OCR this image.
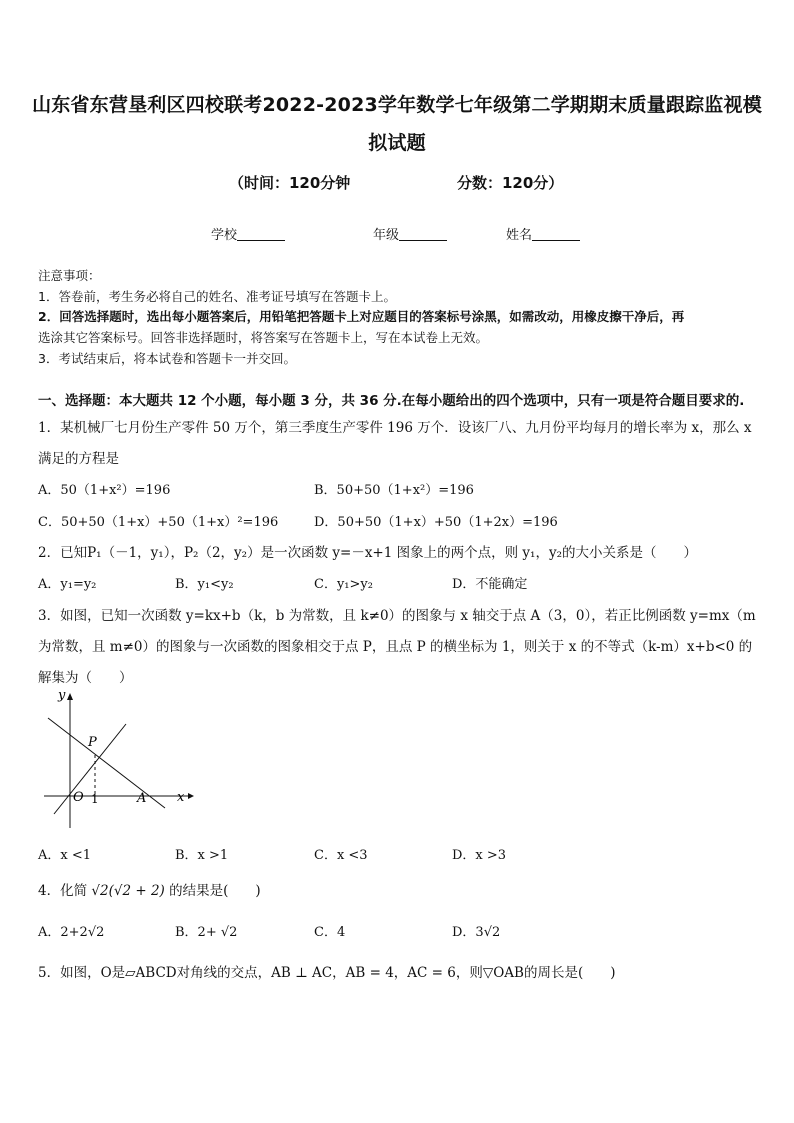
山东省东营垦利区四校联考2022-2023学年数学七年级第二学期期末质量跟踪监视模
拟试题
（时间：120分钟	分数：120分）
学校	年级	姓名
注意事项：
1．答卷前，考生务必将自己的姓名、准考证号填写在答题卡上。
2．回答选择题时，选出每小题答案后，用铅笔把答题卡上对应题目的答案标号涂黑，如需改动，用橡皮擦干净后，再
选涂其它答案标号。回答非选择题时，将答案写在答题卡上，写在本试卷上无效。
3．考试结束后，将本试卷和答题卡一并交回。
一、选择题：本大题共 12 个小题，每小题 3 分，共 36 分.在每小题给出的四个选项中，只有一项是符合题目要求的.
1．某机械厂七月份生产零件 50 万个，第三季度生产零件 196 万个．设该厂八、九月份平均每月的增长率为 x，那么 x
满足的方程是
A．50（1+x²）=196	B．50+50（1+x²）=196
C．50+50（1+x）+50（1+x）²=196	D．50+50（1+x）+50（1+2x）=196
2．已知P₁（－1，y₁），P₂（2，y₂）是一次函数 y=－x+1 图象上的两个点，则 y₁，y₂的大小关系是（　　）
A．y₁=y₂	B．y₁<y₂	C．y₁>y₂	D．不能确定
3．如图，已知一次函数 y=kx+b（k，b 为常数，且 k≠0）的图象与 x 轴交于点 A（3，0），若正比例函数 y=mx（m
为常数，且 m≠0）的图象与一次函数的图象相交于点 P，且点 P 的横坐标为 1，则关于 x 的不等式（k-m）x+b<0 的
解集为（　　）
y
x
P
O 1	A
A．x <1	B．x >1	C．x <3	D．x >3
4．化简 √2(√2 + 2) 的结果是(　　)
A．2+2√2	B．2+ √2	C．4	D．3√2
5．如图，O是▱ABCD对角线的交点，AB ⊥ AC，AB = 4，AC = 6，则▽OAB的周长是(　　)
